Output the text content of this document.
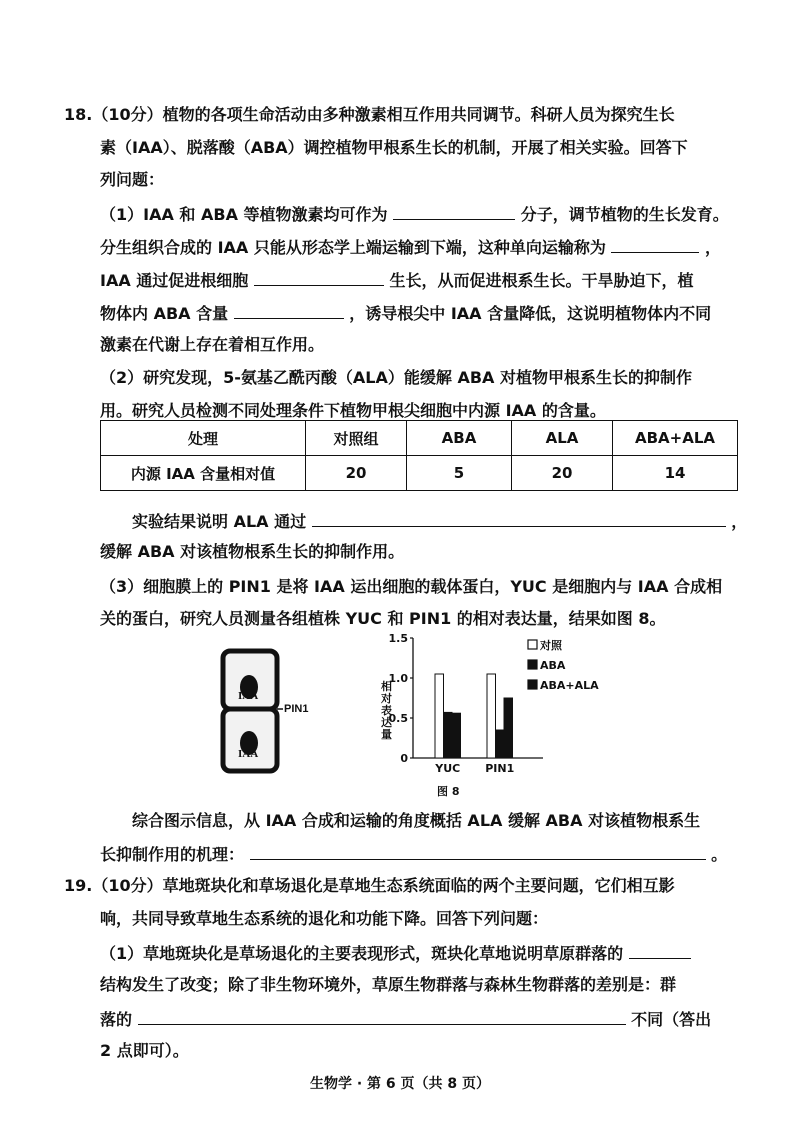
18.（10分）植物的各项生命活动由多种激素相互作用共同调节。科研人员为探究生长
素（IAA）、脱落酸（ABA）调控植物甲根系生长的机制，开展了相关实验。回答下
列问题：
（1）IAA 和 ABA 等植物激素均可作为	分子，调节植物的生长发育。
分生组织合成的 IAA 只能从形态学上端运输到下端，这种单向运输称为	，
IAA 通过促进根细胞	生长，从而促进根系生长。干旱胁迫下，植
物体内 ABA 含量	，诱导根尖中 IAA 含量降低，这说明植物体内不同
激素在代谢上存在着相互作用。
（2）研究发现，5-氨基乙酰丙酸（ALA）能缓解 ABA 对植物甲根系生长的抑制作
用。研究人员检测不同处理条件下植物甲根尖细胞中内源 IAA 的含量。
处理	对照组	ABA	ALA	ABA+ALA
内源 IAA 含量相对值	20	5	20	14
实验结果说明 ALA 通过	，
缓解 ABA 对该植物根系生长的抑制作用。
（3）细胞膜上的 PIN1 是将 IAA 运出细胞的载体蛋白，YUC 是细胞内与 IAA 合成相
关的蛋白，研究人员测量各组植株 YUC 和 PIN1 的相对表达量，结果如图 8。
IAA
IAA
PIN1
相对表达量
0
0.5
1.0
1.5
YUC PIN1
对照
ABA
ABA+ALA
图 8
综合图示信息，从 IAA 合成和运输的角度概括 ALA 缓解 ABA 对该植物根系生
长抑制作用的机理：	。
19.（10分）草地斑块化和草场退化是草地生态系统面临的两个主要问题，它们相互影
响，共同导致草地生态系统的退化和功能下降。回答下列问题：
（1）草地斑块化是草场退化的主要表现形式，斑块化草地说明草原群落的
结构发生了改变；除了非生物环境外，草原生物群落与森林生物群落的差别是：群
落的	不同（答出
2 点即可）。
生物学 · 第 6 页（共 8 页）
